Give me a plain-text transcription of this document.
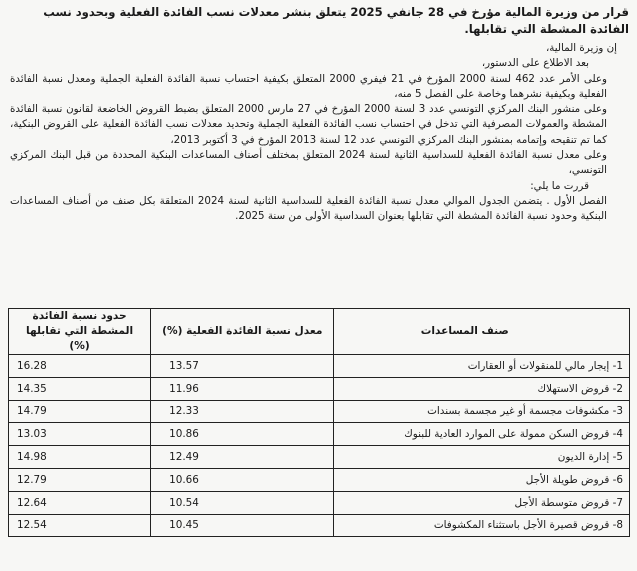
قرار من وزيرة المالية مؤرخ في 28 جانفي 2025 يتعلق بنشر معدلات نسب الفائدة الفعلية وبحدود نسب الفائدة المشطة التي تقابلها.

إن وزيرة المالية،

بعد الاطلاع على الدستور،

وعلى الأمر عدد 462 لسنة 2000 المؤرخ في 21 فيفري 2000 المتعلق بكيفية احتساب نسبة الفائدة الفعلية الجملية ومعدل نسبة الفائدة الفعلية وبكيفية نشرهما وخاصة على الفصل 5 منه،

وعلى منشور البنك المركزي التونسي عدد 3 لسنة 2000 المؤرخ في 27 مارس 2000 المتعلق بضبط القروض الخاضعة لقانون نسبة الفائدة المشطة والعمولات المصرفية التي تدخل في احتساب نسب الفائدة الفعلية الجملية وتحديد معدلات نسب الفائدة الفعلية على القروض البنكية، كما تم تنقيحه وإتمامه بمنشور البنك المركزي التونسي عدد 12 لسنة 2013 المؤرخ في 3 أكتوبر 2013،

وعلى معدل نسبة الفائدة الفعلية للسداسية الثانية لسنة 2024 المتعلق بمختلف أصناف المساعدات البنكية المحددة من قبل البنك المركزي التونسي،

قررت ما يلي:

الفصل الأول . يتضمن الجدول الموالي معدل نسبة الفائدة الفعلية للسداسية الثانية لسنة 2024 المتعلقة بكل صنف من أصناف المساعدات البنكية وحدود نسبة الفائدة المشطة التي تقابلها بعنوان السداسية الأولى من سنة 2025.

صنف المساعدات	معدل نسبة الفائدة الفعلية (%)	حدود نسبة الفائدة المشطة التي تقابلها (%)
1- إيجار مالي للمنقولات أو العقارات	13.57	16.28
2- قروض الاستهلاك	11.96	14.35
3- مكشوفات مجسمة أو غير مجسمة بسندات	12.33	14.79
4- قروض السكن ممولة على الموارد العادية للبنوك	10.86	13.03
5- إدارة الديون	12.49	14.98
6- قروض طويلة الأجل	10.66	12.79
7- قروض متوسطة الأجل	10.54	12.64
8- قروض قصيرة الأجل باستثناء المكشوفات	10.45	12.54
